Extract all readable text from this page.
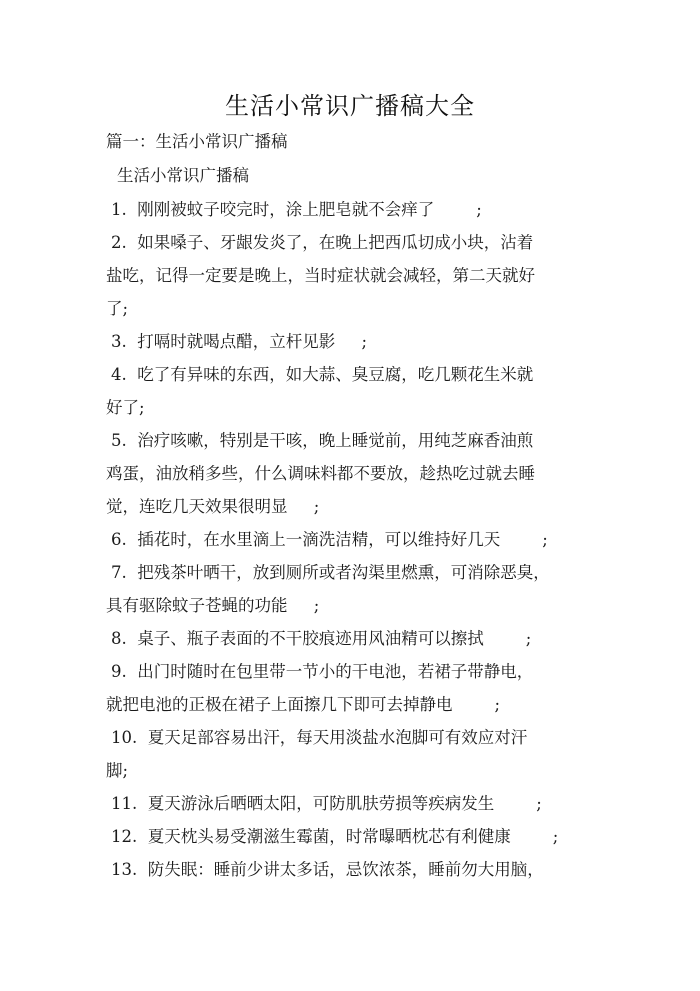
生活小常识广播稿大全
篇一：生活小常识广播稿
生活小常识广播稿
1.  刚刚被蚊子咬完时，涂上肥皂就不会痒了        ;
2.  如果嗓子、牙龈发炎了，在晚上把西瓜切成小块，沾着
盐吃，记得一定要是晚上，当时症状就会减轻，第二天就好
了;
3.  打嗝时就喝点醋，立杆见影     ;
4.  吃了有异味的东西，如大蒜、臭豆腐，吃几颗花生米就
好了;
5.  治疗咳嗽，特别是干咳，晚上睡觉前，用纯芝麻香油煎
鸡蛋，油放稍多些，什么调味料都不要放，趁热吃过就去睡
觉，连吃几天效果很明显     ;
6.  插花时，在水里滴上一滴洗洁精，可以维持好几天        ;
7.  把残茶叶晒干，放到厕所或者沟渠里燃熏，可消除恶臭，
具有驱除蚊子苍蝇的功能     ;
8.  桌子、瓶子表面的不干胶痕迹用风油精可以擦拭        ;
9.  出门时随时在包里带一节小的干电池，若裙子带静电，
就把电池的正极在裙子上面擦几下即可去掉静电        ;
10.  夏天足部容易出汗，每天用淡盐水泡脚可有效应对汗
脚;
11.  夏天游泳后晒晒太阳，可防肌肤劳损等疾病发生        ;
12.  夏天枕头易受潮滋生霉菌，时常曝晒枕芯有利健康        ;
13.  防失眠：睡前少讲太多话，忌饮浓茶，睡前勿大用脑，
